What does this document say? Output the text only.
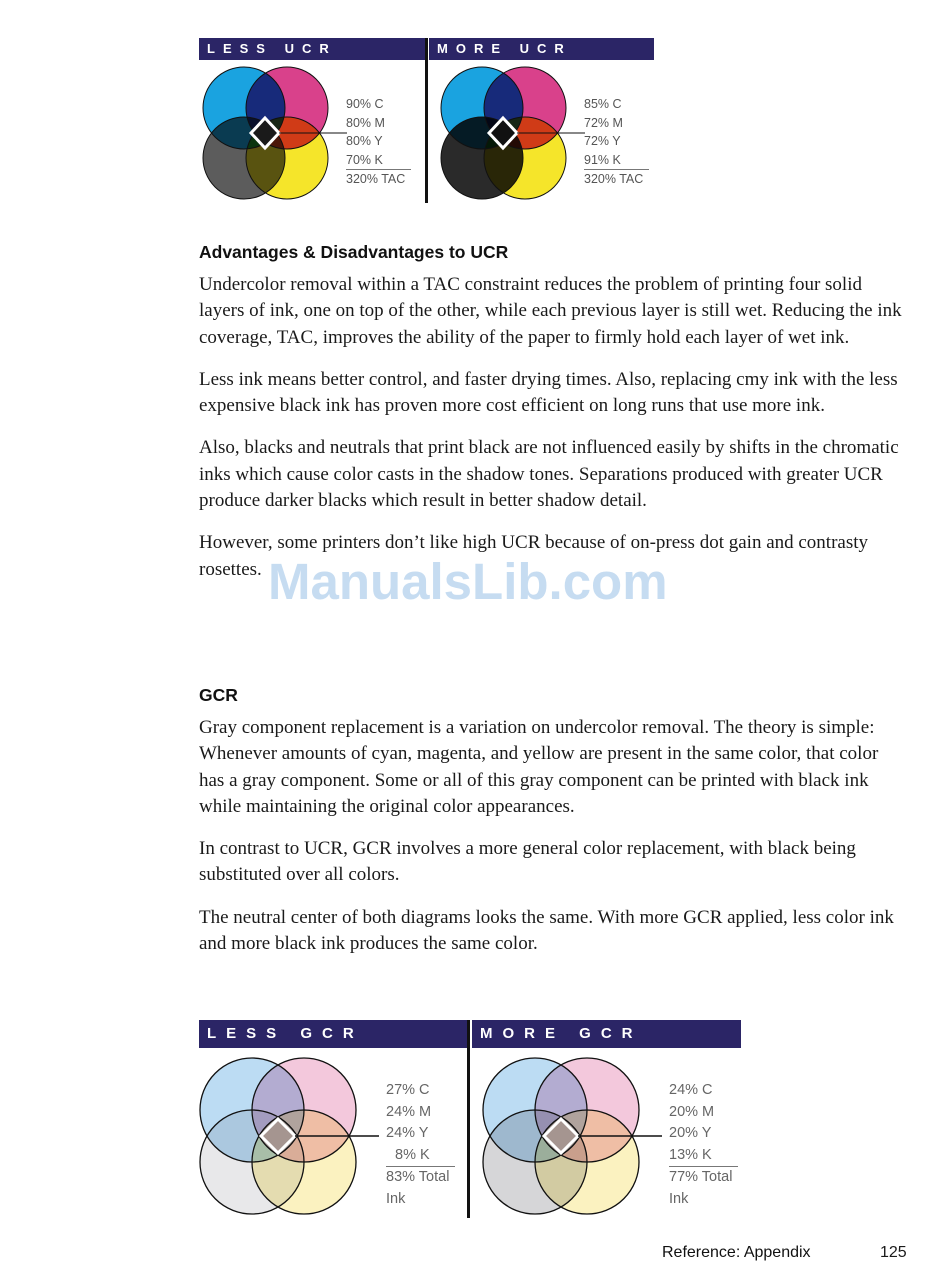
LESS UCR	MORE UCR
90% C
80% M
80% Y
70% K
320% TAC
85% C
72% M
72% Y
91% K
320% TAC
Advantages & Disadvantages to UCR

Undercolor removal within a TAC constraint reduces the problem of printing four solid layers of ink, one on top of the other, while each previous layer is still wet. Reducing the ink coverage, TAC, improves the ability of the paper to firmly hold each layer of wet ink.

Less ink means better control, and faster drying times. Also, replacing cmy ink with the less expensive black ink has proven more cost efficient on long runs that use more ink.

Also, blacks and neutrals that print black are not influenced easily by shifts in the chromatic inks which cause color casts in the shadow tones. Separations produced with greater UCR produce darker blacks which result in better shadow detail.

However, some printers don’t like high UCR because of on-press dot gain and contrasty rosettes. ManualsLib.com
GCR

Gray component replacement is a variation on undercolor removal. The theory is simple: Whenever amounts of cyan, magenta, and yellow are present in the same color, that color has a gray component. Some or all of this gray component can be printed with black ink while maintaining the original color appearances.

In contrast to UCR, GCR involves a more general color replacement, with black being substituted over all colors.

The neutral center of both diagrams looks the same. With more GCR applied, less color ink and more black ink produces the same color.

LESS GCR	MORE GCR
27% C
24% M
24% Y
8% K
83% Total
Ink
24% C
20% M
20% Y
13% K
77% Total
Ink
Reference: Appendix	125
